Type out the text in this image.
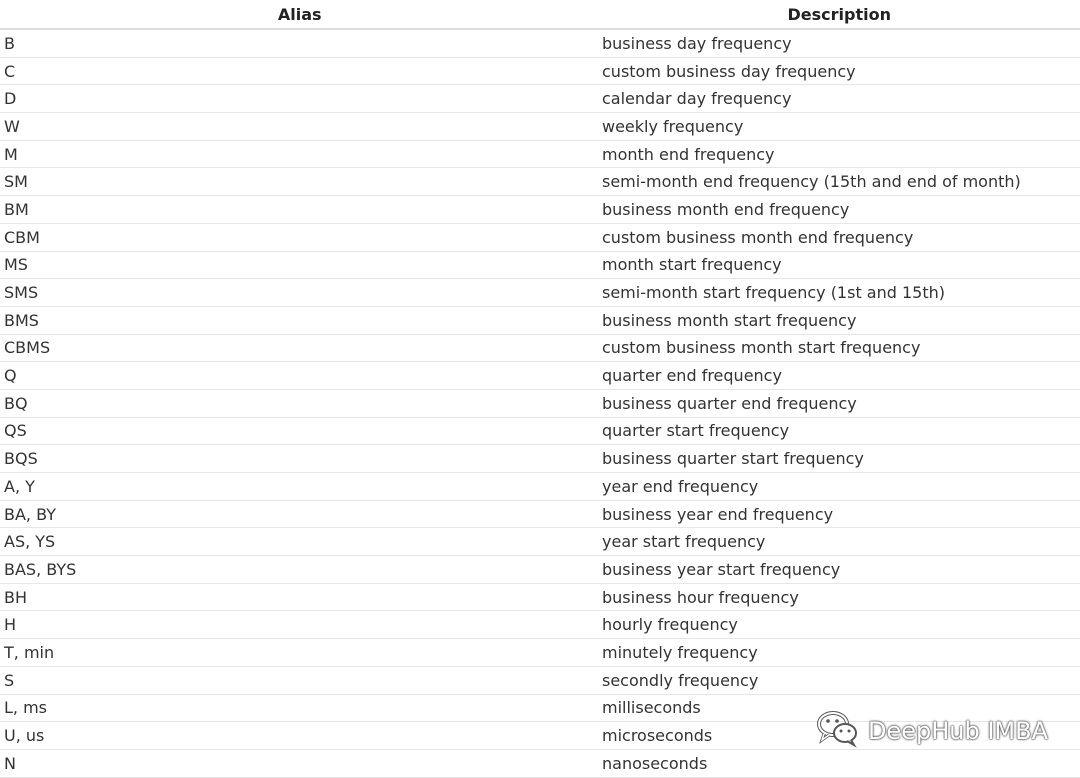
Alias	Description
B	business day frequency
C	custom business day frequency
D	calendar day frequency
W	weekly frequency
M	month end frequency
SM	semi-month end frequency (15th and end of month)
BM	business month end frequency
CBM	custom business month end frequency
MS	month start frequency
SMS	semi-month start frequency (1st and 15th)
BMS	business month start frequency
CBMS	custom business month start frequency
Q	quarter end frequency
BQ	business quarter end frequency
QS	quarter start frequency
BQS	business quarter start frequency
A, Y	year end frequency
BA, BY	business year end frequency
AS, YS	year start frequency
BAS, BYS	business year start frequency
BH	business hour frequency
H	hourly frequency
T, min	minutely frequency
S	secondly frequency
L, ms	milliseconds
U, us	microseconds
N	nanoseconds
DeepHub IMBA
